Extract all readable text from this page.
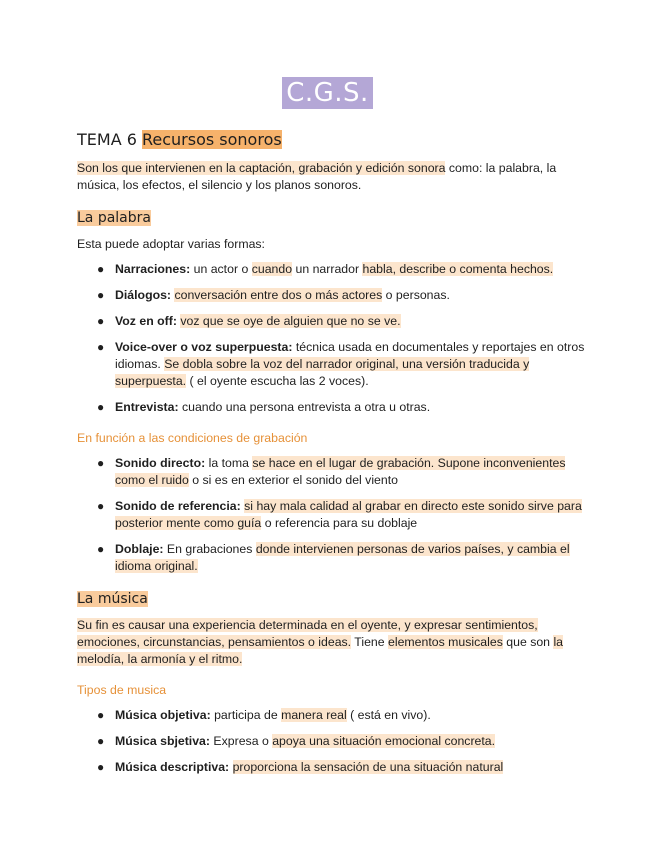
C.G.S.
TEMA 6 Recursos sonoros

Son los que intervienen en la captación, grabación y edición sonora como: la palabra, la música, los efectos, el silencio y los planos sonoros.

La palabra

Esta puede adoptar varias formas:

● Narraciones: un actor o cuando un narrador habla, describe o comenta hechos.
● Diálogos: conversación entre dos o más actores o personas.
● Voz en off: voz que se oye de alguien que no se ve.
● Voice-over o voz superpuesta: técnica usada en documentales y reportajes en otros idiomas. Se dobla sobre la voz del narrador original, una versión traducida y superpuesta. ( el oyente escucha las 2 voces).
● Entrevista: cuando una persona entrevista a otra u otras.
En función a las condiciones de grabación
● Sonido directo: la toma se hace en el lugar de grabación. Supone inconvenientes como el ruido o si es en exterior el sonido del viento
● Sonido de referencia: si hay mala calidad al grabar en directo este sonido sirve para posterior mente como guía o referencia para su doblaje
● Doblaje: En grabaciones donde intervienen personas de varios países, y cambia el idioma original.
La música

Su fin es causar una experiencia determinada en el oyente, y expresar sentimientos, emociones, circunstancias, pensamientos o ideas. Tiene elementos musicales que son la melodía, la armonía y el ritmo.

Tipos de musica
● Música objetiva: participa de manera real ( está en vivo).
● Música sbjetiva: Expresa o apoya una situación emocional concreta.
● Música descriptiva: proporciona la sensación de una situación natural
